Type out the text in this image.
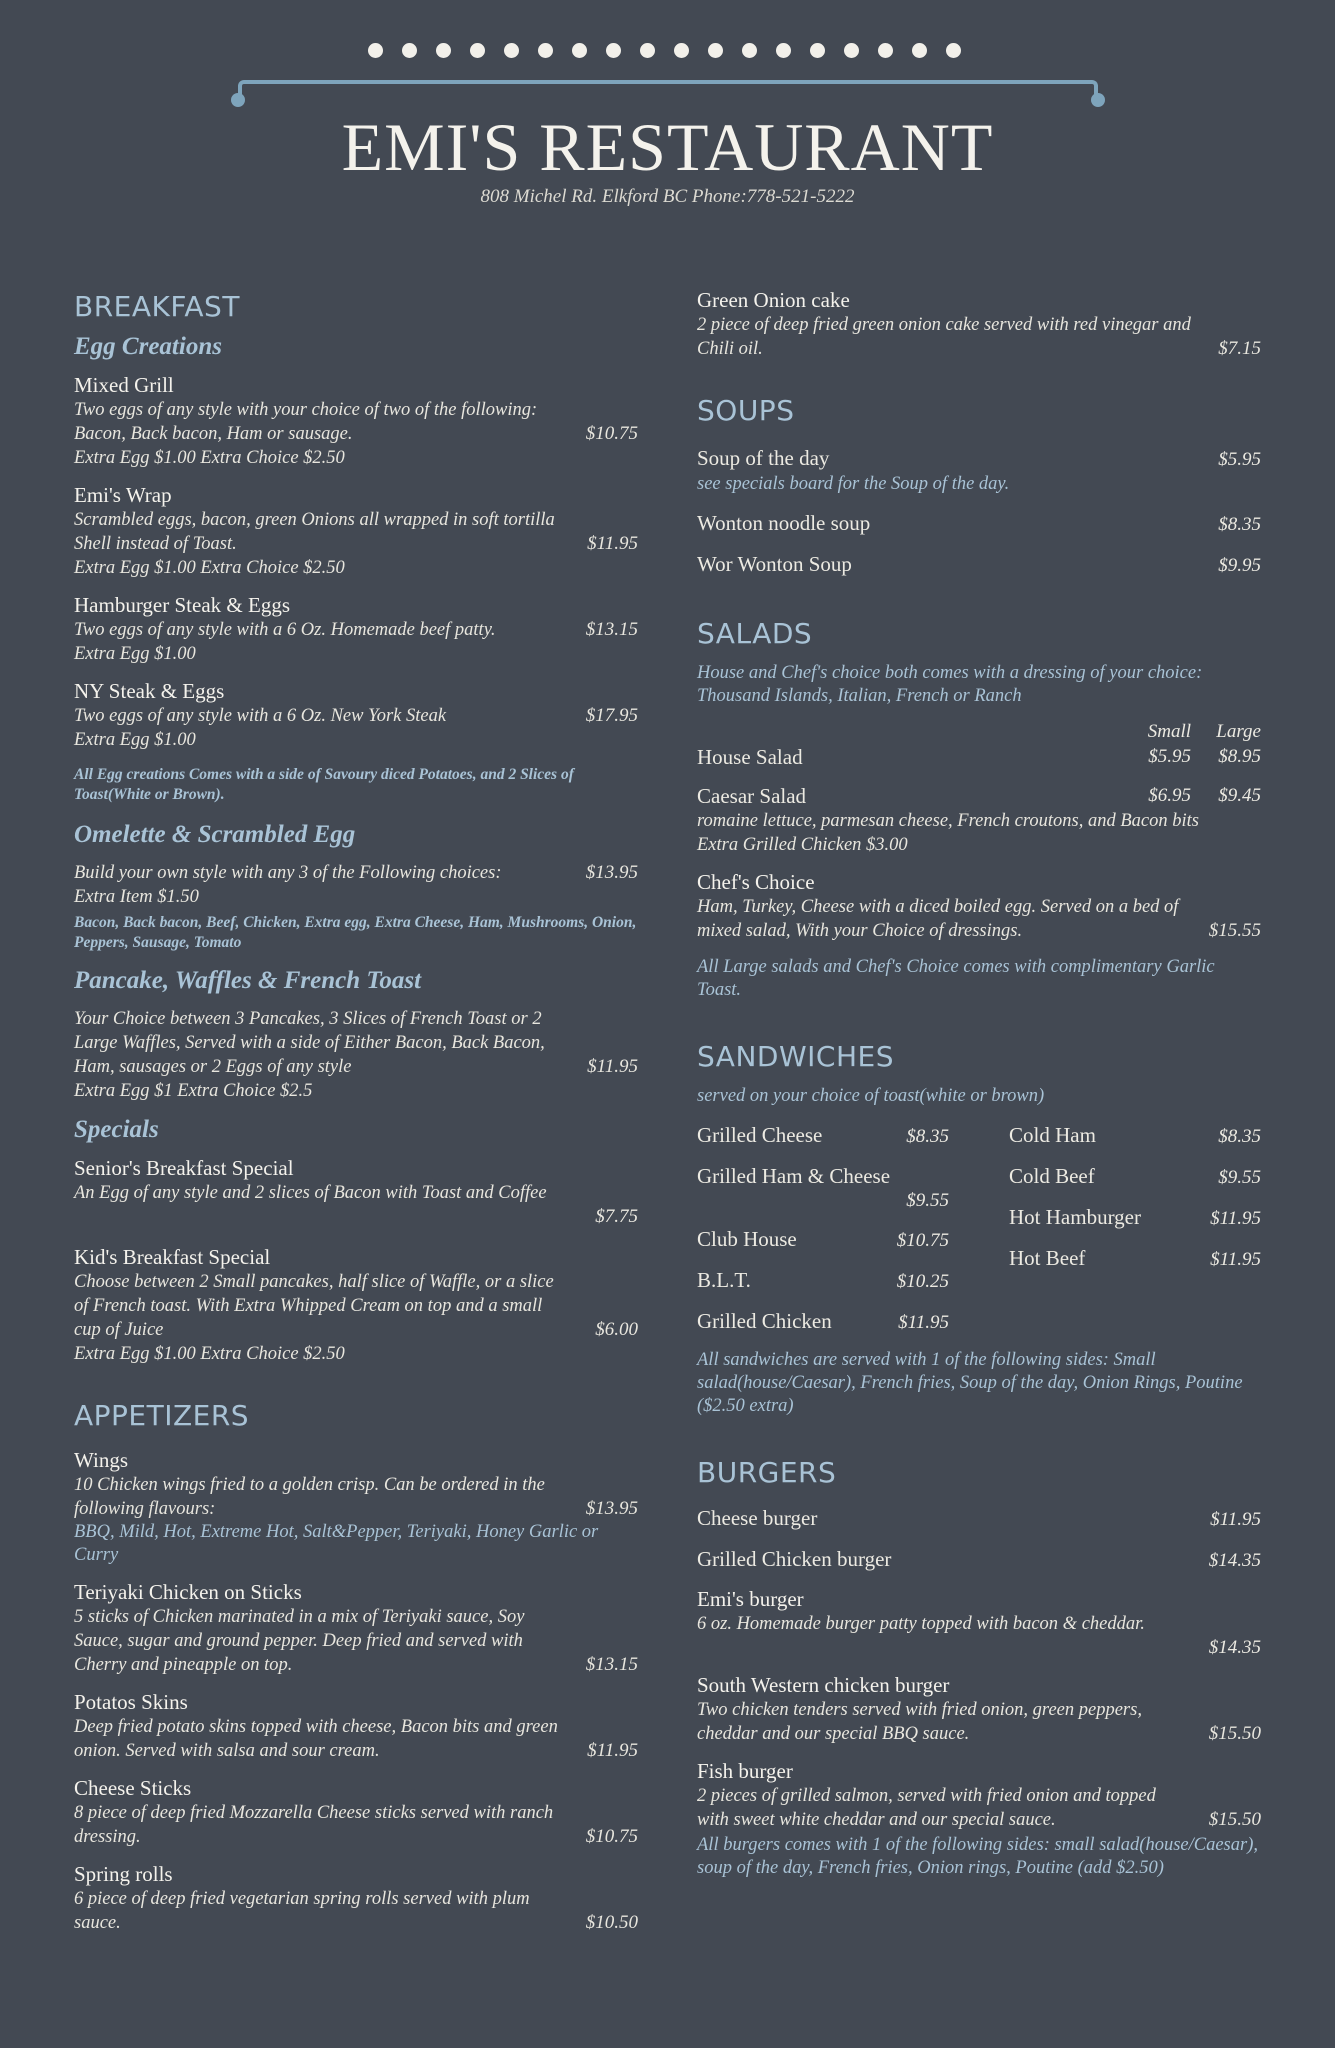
EMI'S RESTAURANT
808 Michel Rd. Elkford BC Phone:778-521-5222
BREAKFAST
Egg Creations
Mixed Grill
Two eggs of any style with your choice of two of the following: Bacon, Back bacon, Ham or sausage.	$10.75
Extra Egg $1.00 Extra Choice $2.50
Emi's Wrap
Scrambled eggs, bacon, green Onions all wrapped in soft tortilla Shell instead of Toast.	$11.95
Extra Egg $1.00 Extra Choice $2.50
Hamburger Steak & Eggs
Two eggs of any style with a 6 Oz. Homemade beef patty.	$13.15
Extra Egg $1.00
NY Steak & Eggs
Two eggs of any style with a 6 Oz. New York Steak	$17.95
Extra Egg $1.00
All Egg creations Comes with a side of Savoury diced Potatoes, and 2 Slices of Toast(White or Brown).
Omelette & Scrambled Egg
Build your own style with any 3 of the Following choices:	$13.95
Extra Item $1.50
Bacon, Back bacon, Beef, Chicken, Extra egg, Extra Cheese, Ham, Mushrooms, Onion, Peppers, Sausage, Tomato
Pancake, Waffles & French Toast
Your Choice between 3 Pancakes, 3 Slices of French Toast or 2 Large Waffles, Served with a side of Either Bacon, Back Bacon, Ham, sausages or 2 Eggs of any style	$11.95
Extra Egg $1 Extra Choice $2.5
Specials
Senior's Breakfast Special
An Egg of any style and 2 slices of Bacon with Toast and Coffee
$7.75
Kid's Breakfast Special
Choose between 2 Small pancakes, half slice of Waffle, or a slice of French toast. With Extra Whipped Cream on top and a small cup of Juice	$6.00
Extra Egg $1.00 Extra Choice $2.50
APPETIZERS
Wings
10 Chicken wings fried to a golden crisp. Can be ordered in the following flavours:	$13.95
BBQ, Mild, Hot, Extreme Hot, Salt&Pepper, Teriyaki, Honey Garlic or Curry
Teriyaki Chicken on Sticks
5 sticks of Chicken marinated in a mix of Teriyaki sauce, Soy Sauce, sugar and ground pepper. Deep fried and served with Cherry and pineapple on top.	$13.15
Potatos Skins
Deep fried potato skins topped with cheese, Bacon bits and green onion. Served with salsa and sour cream.	$11.95
Cheese Sticks
8 piece of deep fried Mozzarella Cheese sticks served with ranch dressing.	$10.75
Spring rolls
6 piece of deep fried vegetarian spring rolls served with plum sauce.	$10.50
Green Onion cake
2 piece of deep fried green onion cake served with red vinegar and Chili oil.	$7.15
SOUPS
Soup of the day	$5.95
see specials board for the Soup of the day.
Wonton noodle soup	$8.35
Wor Wonton Soup	$9.95
SALADS
House and Chef's choice both comes with a dressing of your choice: Thousand Islands, Italian, French or Ranch
Small	Large
House Salad	$5.95	$8.95
Caesar Salad	$6.95	$9.45
romaine lettuce, parmesan cheese, French croutons, and Bacon bits
Extra Grilled Chicken $3.00
Chef's Choice
Ham, Turkey, Cheese with a diced boiled egg. Served on a bed of mixed salad, With your Choice of dressings.	$15.55
All Large salads and Chef's Choice comes with complimentary Garlic Toast.
SANDWICHES
served on your choice of toast(white or brown)
Grilled Cheese	$8.35
Grilled Ham & Cheese
$9.55
Club House	$10.75
B.L.T.	$10.25
Grilled Chicken	$11.95
Cold Ham	$8.35
Cold Beef	$9.55
Hot Hamburger	$11.95
Hot Beef	$11.95
All sandwiches are served with 1 of the following sides: Small salad(house/Caesar), French fries, Soup of the day, Onion Rings, Poutine ($2.50 extra)
BURGERS
Cheese burger	$11.95
Grilled Chicken burger	$14.35
Emi's burger
6 oz. Homemade burger patty topped with bacon & cheddar.
$14.35
South Western chicken burger
Two chicken tenders served with fried onion, green peppers, cheddar and our special BBQ sauce.	$15.50
Fish burger
2 pieces of grilled salmon, served with fried onion and topped with sweet white cheddar and our special sauce.	$15.50
All burgers comes with 1 of the following sides: small salad(house/Caesar), soup of the day, French fries, Onion rings, Poutine (add $2.50)
